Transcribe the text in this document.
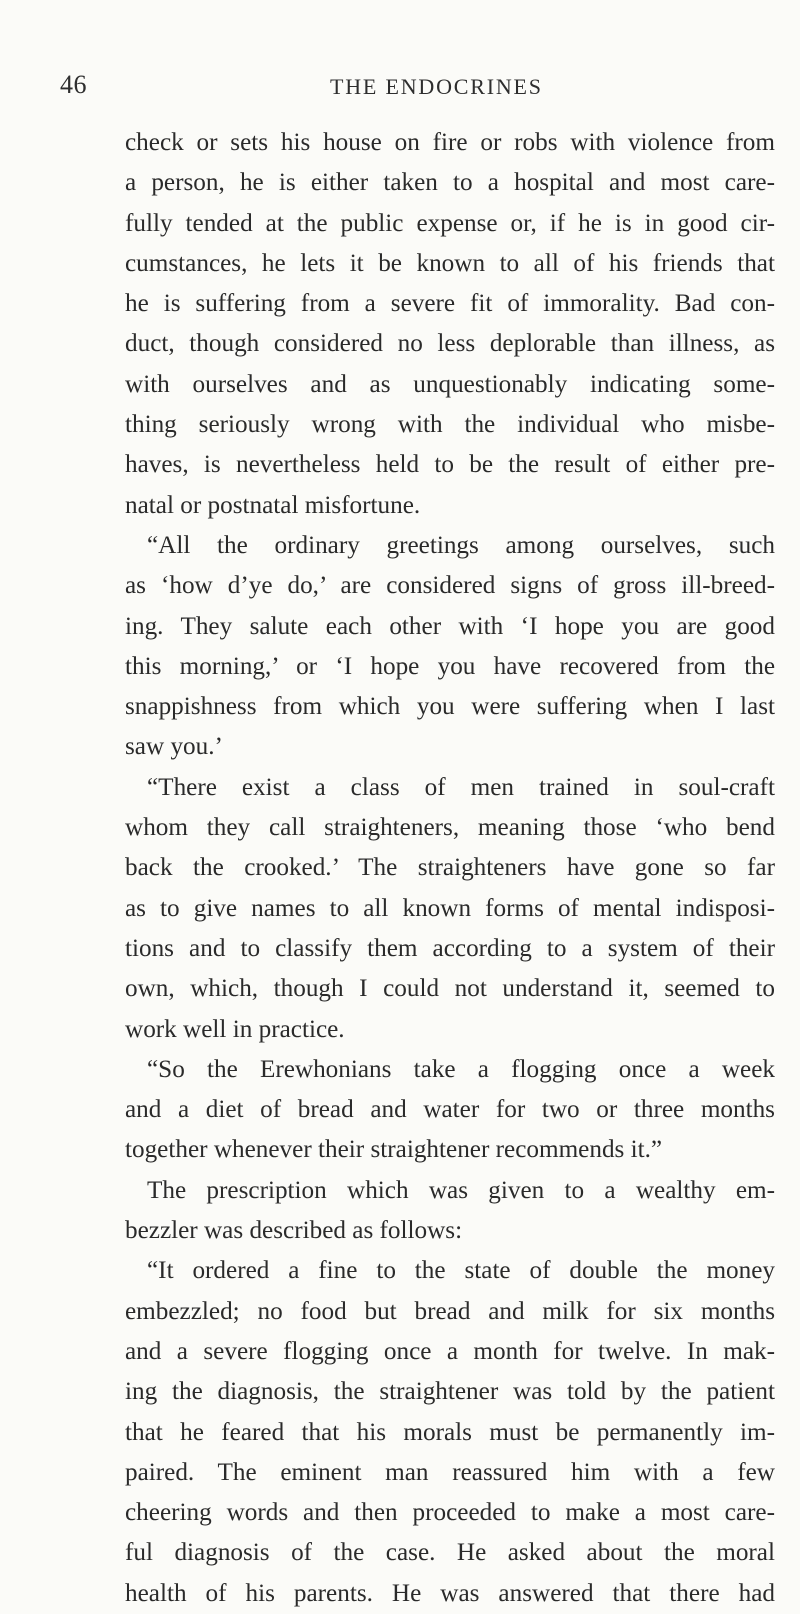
46	THE ENDOCRINES
check or sets his house on fire or robs with violence from
a person, he is either taken to a hospital and most care-
fully tended at the public expense or, if he is in good cir-
cumstances, he lets it be known to all of his friends that
he is suffering from a severe fit of immorality. Bad con-
duct, though considered no less deplorable than illness, as
with ourselves and as unquestionably indicating some-
thing seriously wrong with the individual who misbe-
haves, is nevertheless held to be the result of either pre-
natal or postnatal misfortune.
“All the ordinary greetings among ourselves, such
as ‘how d’ye do,’ are considered signs of gross ill-breed-
ing. They salute each other with ‘I hope you are good
this morning,’ or ‘I hope you have recovered from the
snappishness from which you were suffering when I last
saw you.’
“There exist a class of men trained in soul-craft
whom they call straighteners, meaning those ‘who bend
back the crooked.’ The straighteners have gone so far
as to give names to all known forms of mental indisposi-
tions and to classify them according to a system of their
own, which, though I could not understand it, seemed to
work well in practice.
“So the Erewhonians take a flogging once a week
and a diet of bread and water for two or three months
together whenever their straightener recommends it.”
The prescription which was given to a wealthy em-
bezzler was described as follows:
“It ordered a fine to the state of double the money
embezzled; no food but bread and milk for six months
and a severe flogging once a month for twelve. In mak-
ing the diagnosis, the straightener was told by the patient
that he feared that his morals must be permanently im-
paired. The eminent man reassured him with a few
cheering words and then proceeded to make a most care-
ful diagnosis of the case. He asked about the moral
health of his parents. He was answered that there had
